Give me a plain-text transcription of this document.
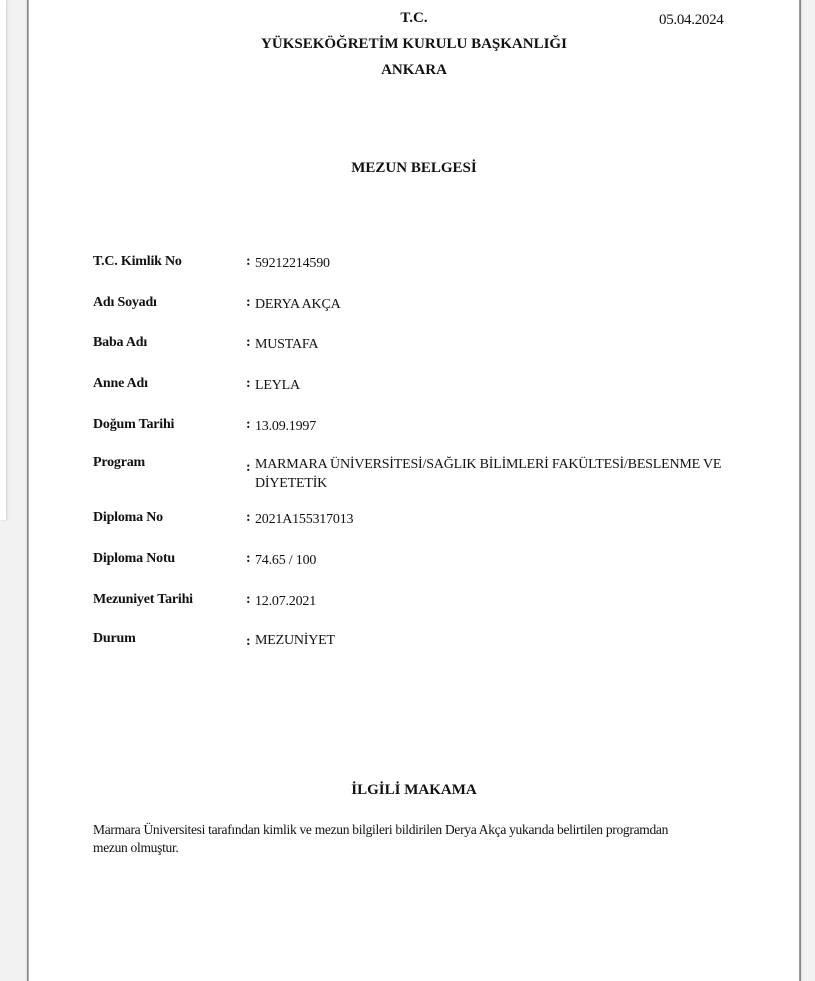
05.04.2024
T.C.
YÜKSEKÖĞRETİM KURULU BAŞKANLIĞI
ANKARA
MEZUN BELGESİ
T.C. Kimlik No	: 59212214590
Adı Soyadı	: DERYA AKÇA
Baba Adı	: MUSTAFA
Anne Adı	: LEYLA
Doğum Tarihi	: 13.09.1997
Program	: MARMARA ÜNİVERSİTESİ/SAĞLIK BİLİMLERİ FAKÜLTESİ/BESLENME VE DİYETETİK
Diploma No	: 2021A155317013
Diploma Notu	: 74.65 / 100
Mezuniyet Tarihi	: 12.07.2021
Durum	: MEZUNİYET
İLGİLİ MAKAMA
Marmara Üniversitesi tarafından kimlik ve mezun bilgileri bildirilen Derya Akça yukarıda belirtilen programdan mezun olmuştur.
